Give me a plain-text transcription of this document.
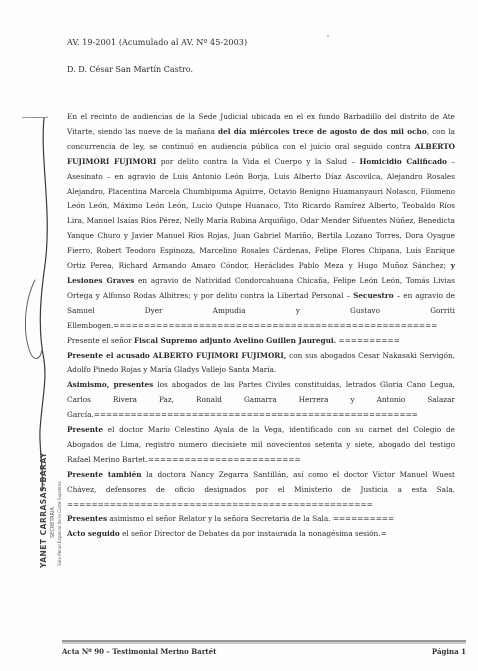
AV. 19-2001 (Acumulado al AV. Nº 45-2003)
D. D. César San Martín Castro.

En el recinto de audiencias de la Sede Judicial ubicada en el ex fundo Barbadillo del distrito de Ate Vitarte, siendo las nueve de la mañana del día miércoles trece de agosto de dos mil ocho, con la concurrencia de ley, se continuó en audiencia pública con el juicio oral seguido contra ALBERTO FUJIMORI FUJIMORI por delito contra la Vida el Cuerpo y la Salud – Homicidio Calificado – Asesinato – en agravio de Luis Antonio León Borja, Luis Alberto Díaz Ascovilca, Alejandro Rosales Alejandro, Placentina Marcela Chumbipuma Aguirre, Octavio Benigno Huamanyauri Nolasco, Filomeno León León, Máximo León León, Lucio Quispe Huanaco, Tito Ricardo Ramírez Alberto, Teobaldo Ríos Lira, Manuel Isaías Ríos Pérez, Nelly María Rubina Arquiñigo, Odar Mender Sifuentes Núñez, Benedicta Yanque Churo y Javier Manuel Ríos Rojas, Juan Gabriel Mariño, Bertila Lozano Torres, Dora Oyague Fierro, Robert Teodoro Espinoza, Marcelino Rosales Cárdenas, Felipe Flores Chipana, Luis Enrique Ortiz Perea, Richard Armando Amaro Cóndor, Heráclides Pablo Meza y Hugo Muñoz Sánchez; y Lesiones Graves en agravio de Natividad Condorcahuana Chicaña, Felipe León León, Tomás Livias Ortega y Alfonso Rodas Albitres; y por delito contra la Libertad Personal – Secuestro – en agravio de Samuel Dyer Ampudia y Gustavo Gorriti Ellembogen.=====================================================

Presente el señor Fiscal Supremo adjunto Avelino Guillen Jauregui. ==========

Presente el acusado ALBERTO FUJIMORI FUJIMORI, con sus abogados Cesar Nakasaki Servigón, Adolfo Pinedo Rojas y María Gladys Vallejo Santa María.

Asimismo, presentes los abogados de las Partes Civiles constituidas, letrados Gloria Cano Legua, Carlos Rivera Paz, Ronald Gamarra Herrera y Antonio Salazar García.=====================================================

Presente el doctor Mario Celestino Ayala de la Vega, identificado con su carnet del Colegio de Abogados de Lima, registro numero diecisiete mil novecientos setenta y siete, abogado del testigo Rafael Merino Bartet.=========================

Presente también la doctora Nancy Zegarra Santillán, así como el doctor Víctor Manuel Wuest Chávez, defensores de oficio designados por el Ministerio de Justicia a esta Sala. ==================================================

Presentes asimismo el señor Relator y la señora Secretaria de la Sala. ==========

Acto seguido el señor Director de Debates da por instaurada la nonagésima sesión.=

YANET CARRASAS-BARAY SECRETARIA Sala Penal Especial de la Corte Suprema
Acta Nº 90 – Testimonial Merino Bartét	Página 1
